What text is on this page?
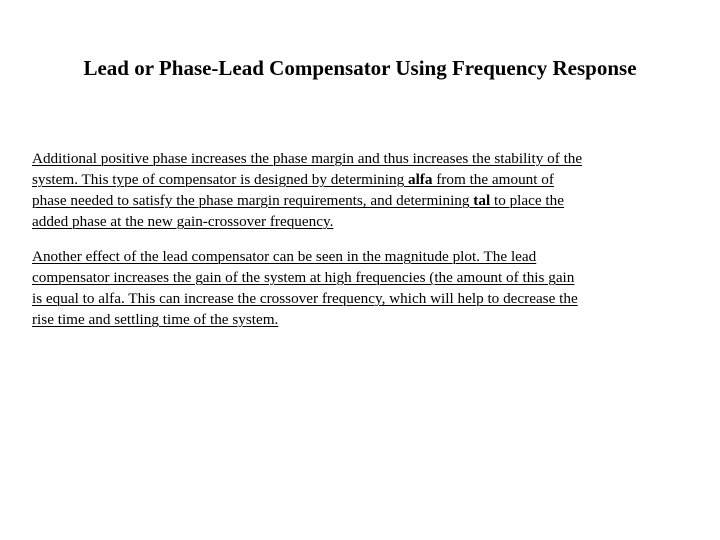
Lead or Phase-Lead Compensator Using Frequency Response

Additional positive phase increases the phase margin and thus increases the stability of the
system. This type of compensator is designed by determining alfa from the amount of
phase needed to satisfy the phase margin requirements, and determining tal to place the
added phase at the new gain-crossover frequency.

Another effect of the lead compensator can be seen in the magnitude plot. The lead
compensator increases the gain of the system at high frequencies (the amount of this gain
is equal to alfa. This can increase the crossover frequency, which will help to decrease the
rise time and settling time of the system.
